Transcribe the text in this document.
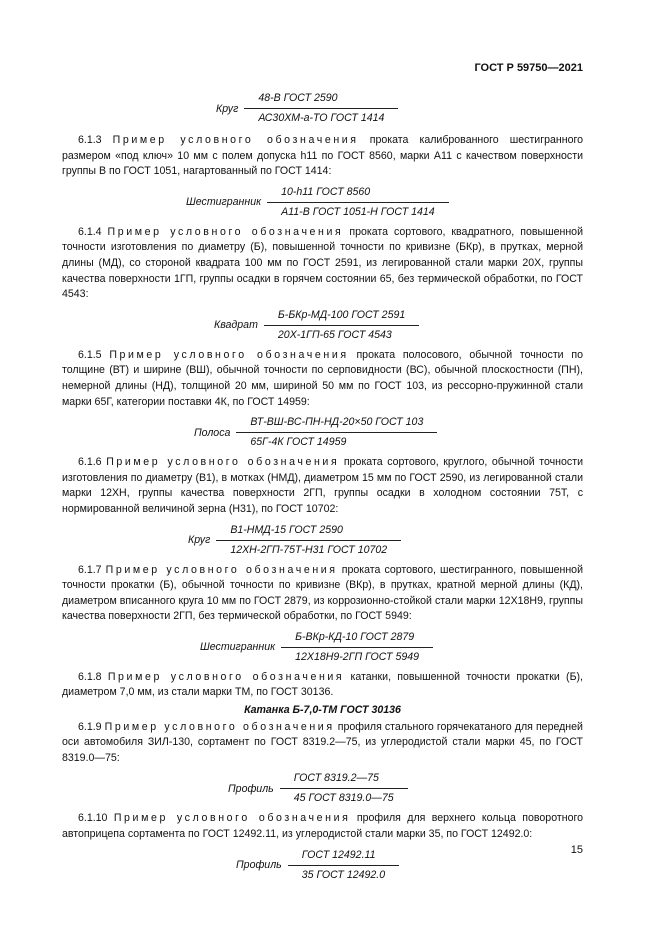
ГОСТ Р 59750—2021
Круг $\frac{\text{48-В ГОСТ 2590}}{\text{АС30ХМ-а-ТО ГОСТ 1414}}$

6.1.3 Пример условного обозначения проката калиброванного шестигранного размером «под ключ» 10 мм с полем допуска h11 по ГОСТ 8560, марки А11 с качеством поверхности группы В по ГОСТ 1051, нагартованный по ГОСТ 1414:

Шестигранник $\frac{\text{10-h11 ГОСТ 8560}}{\text{А11-В ГОСТ 1051-Н ГОСТ 1414}}$

6.1.4 Пример условного обозначения проката сортового, квадратного, повышенной точности изготовления по диаметру (Б), повышенной точности по кривизне (БКр), в прутках, мерной длины (МД), со стороной квадрата 100 мм по ГОСТ 2591, из легированной стали марки 20Х, группы качества поверхности 1ГП, группы осадки в горячем состоянии 65, без термической обработки, по ГОСТ 4543:

Квадрат $\frac{\text{Б-БКр-МД-100 ГОСТ 2591}}{\text{20Х-1ГП-65 ГОСТ 4543}}$

6.1.5 Пример условного обозначения проката полосового, обычной точности по толщине (ВТ) и ширине (ВШ), обычной точности по серповидности (ВС), обычной плоскостности (ПН), немерной длины (НД), толщиной 20 мм, шириной 50 мм по ГОСТ 103, из рессорно-пружинной стали марки 65Г, категории поставки 4К, по ГОСТ 14959:

Полоса $\frac{\text{ВТ-ВШ-ВС-ПН-НД-20×50 ГОСТ 103}}{\text{65Г-4К ГОСТ 14959}}$

6.1.6 Пример условного обозначения проката сортового, круглого, обычной точности изготовления по диаметру (В1), в мотках (НМД), диаметром 15 мм по ГОСТ 2590, из легированной стали марки 12ХН, группы качества поверхности 2ГП, группы осадки в холодном состоянии 75Т, с нормированной величиной зерна (Н31), по ГОСТ 10702:

Круг $\frac{\text{В1-НМД-15 ГОСТ 2590}}{\text{12ХН-2ГП-75Т-Н31 ГОСТ 10702}}$

6.1.7 Пример условного обозначения проката сортового, шестигранного, повышенной точности прокатки (Б), обычной точности по кривизне (ВКр), в прутках, кратной мерной длины (КД), диаметром вписанного круга 10 мм по ГОСТ 2879, из коррозионно-стойкой стали марки 12Х18Н9, группы качества поверхности 2ГП, без термической обработки, по ГОСТ 5949:

Шестигранник $\frac{\text{Б-ВКр-КД-10 ГОСТ 2879}}{\text{12Х18Н9-2ГП ГОСТ 5949}}$

6.1.8 Пример условного обозначения катанки, повышенной точности прокатки (Б), диаметром 7,0 мм, из стали марки ТМ, по ГОСТ 30136.

Катанка Б-7,0-ТМ ГОСТ 30136

6.1.9 Пример условного обозначения профиля стального горячекатаного для передней оси автомобиля ЗИЛ-130, сортамент по ГОСТ 8319.2—75, из углеродистой стали марки 45, по ГОСТ 8319.0—75:

Профиль $\frac{\text{ГОСТ 8319.2—75}}{\text{45 ГОСТ 8319.0—75}}$

6.1.10 Пример условного обозначения профиля для верхнего кольца поворотного автоприцепа сортамента по ГОСТ 12492.11, из углеродистой стали марки 35, по ГОСТ 12492.0:

Профиль $\frac{\text{ГОСТ 12492.11}}{\text{35 ГОСТ 12492.0}}$	15
